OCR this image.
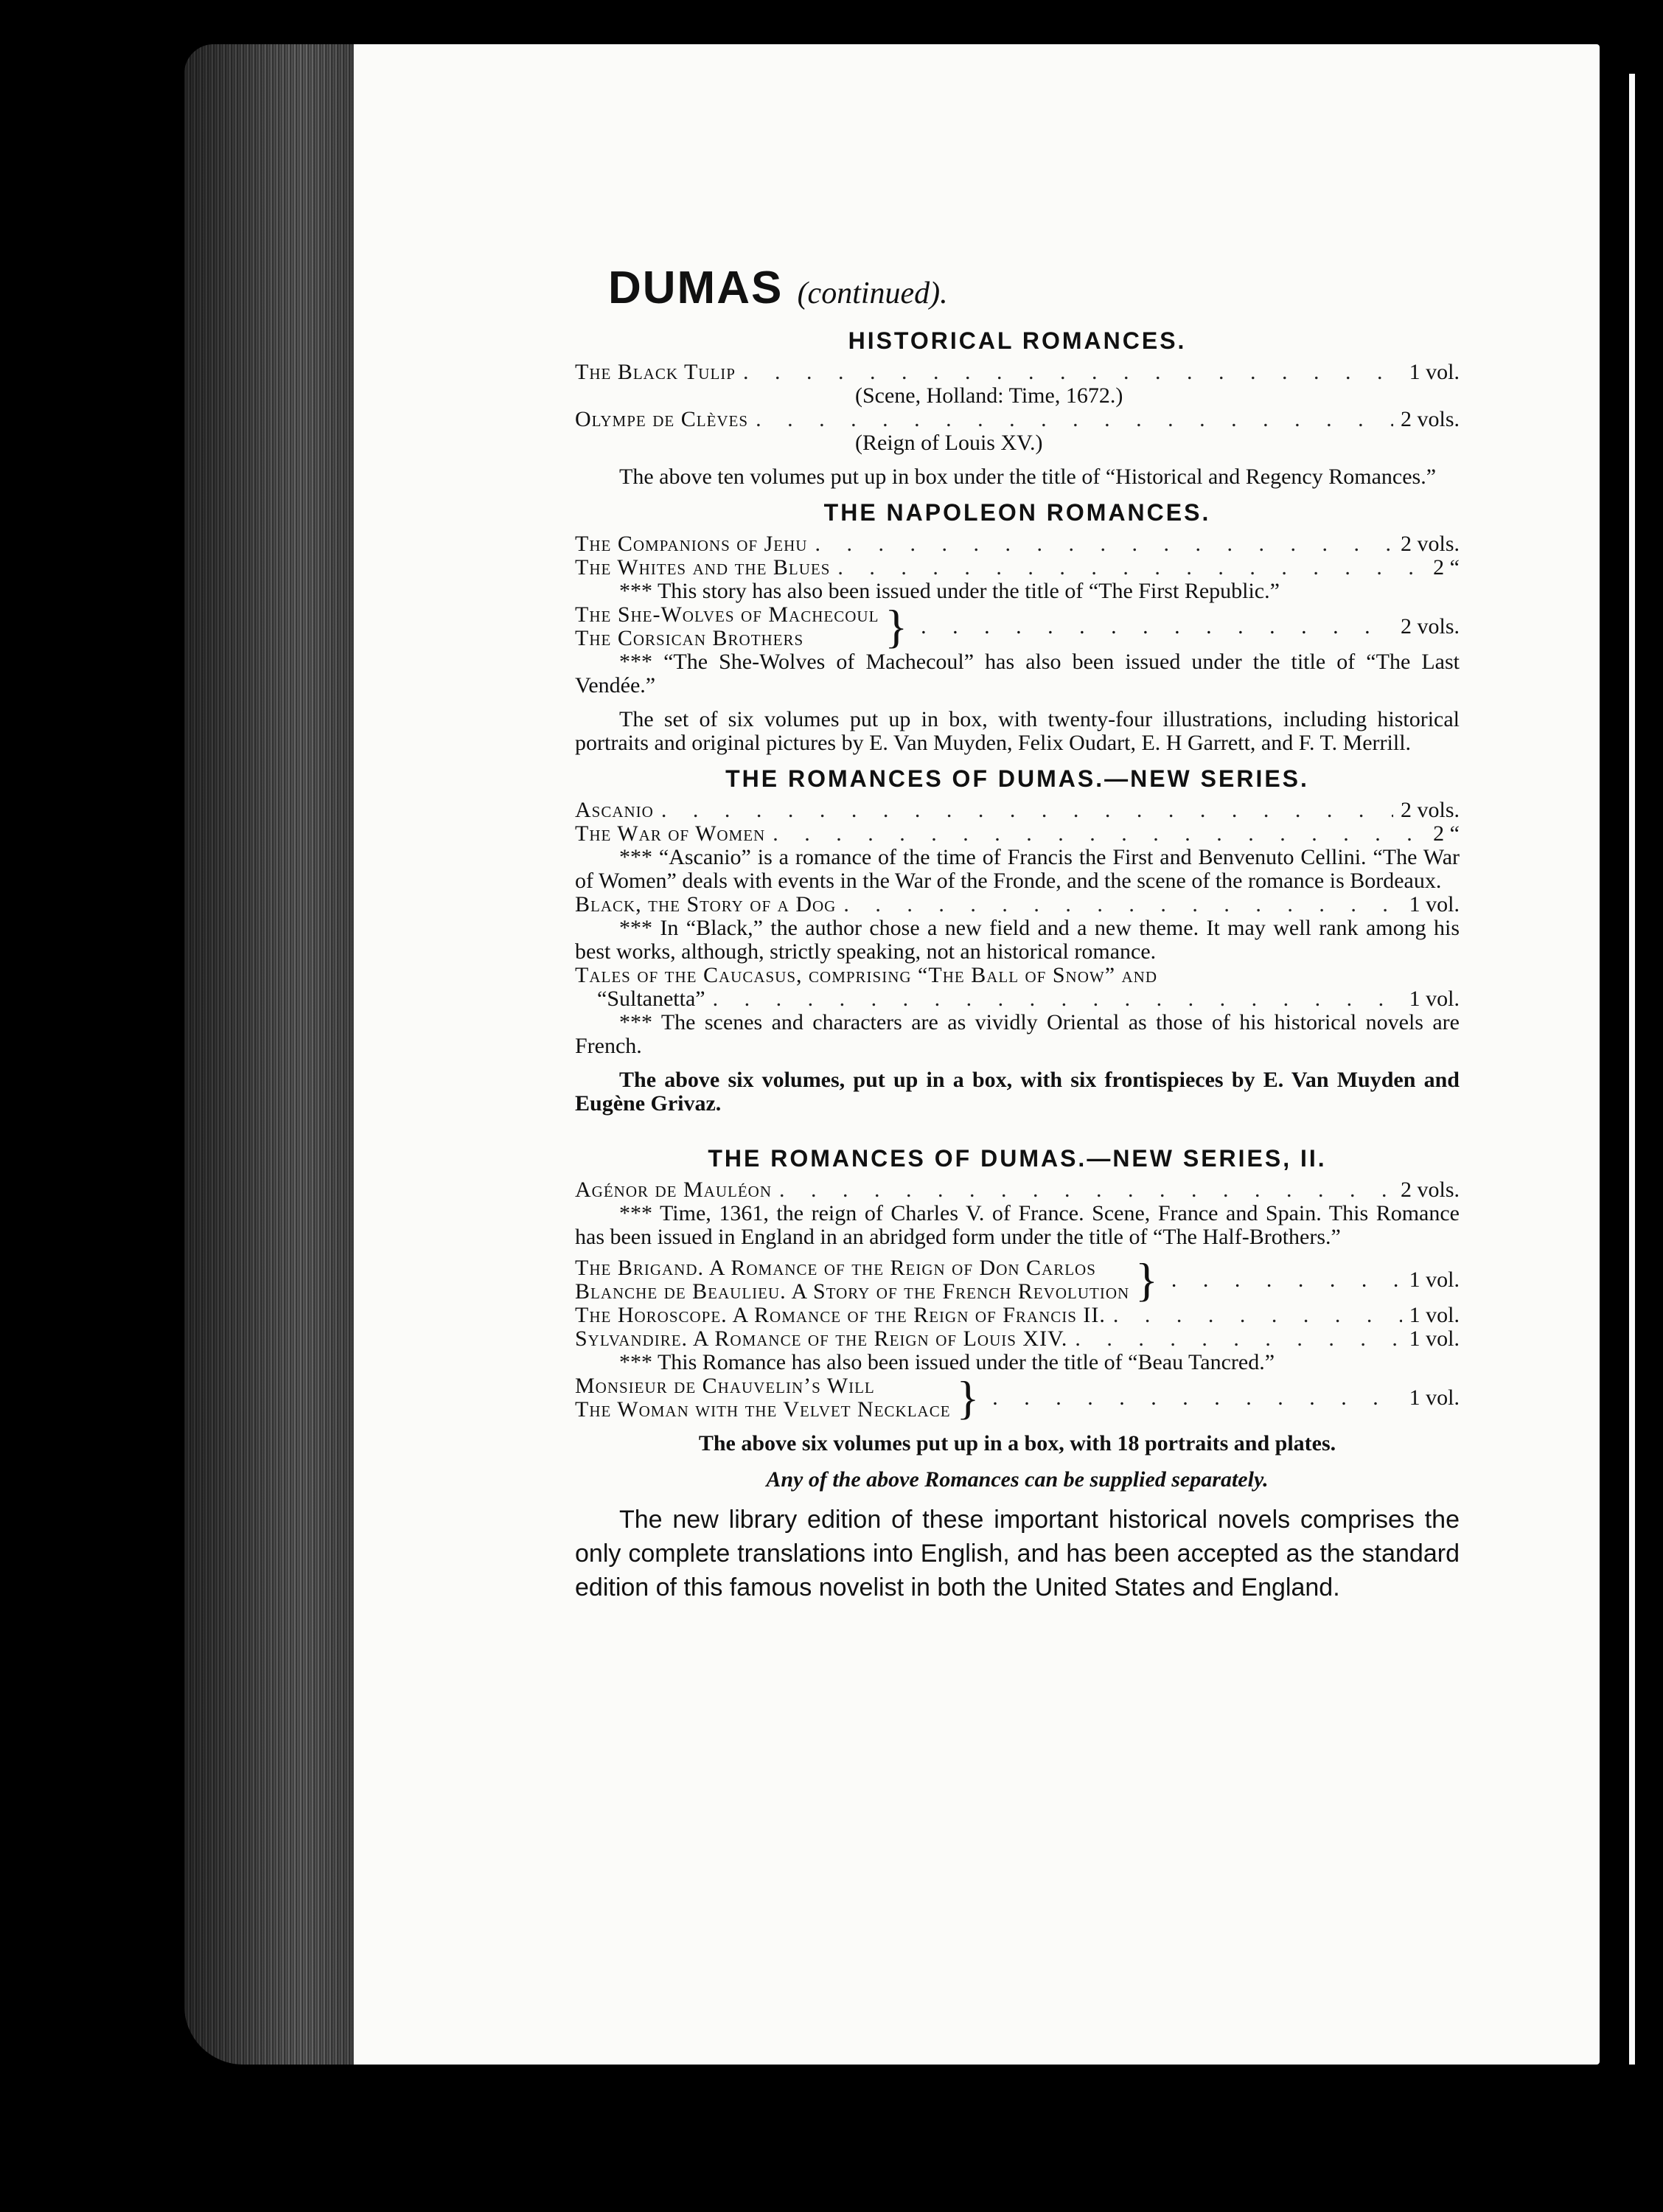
DUMAS (continued).
HISTORICAL ROMANCES.
The Black Tulip . . .	1 vol.
(Scene, Holland: Time, 1672.)
Olympe de Clèves . . .	2 vols.
(Reign of Louis XV.)
The above ten volumes put up in box under the title of “Historical and Regency Romances.”
THE NAPOLEON ROMANCES.
The Companions of Jehu . . .	2 vols.
The Whites and the Blues . . .	2 “
*** This story has also been issued under the title of “The First Republic.”
The She-Wolves of Machecoul
The Corsican Brothers	} . . .	2 vols.
*** “The She-Wolves of Machecoul” has also been issued under the title of “The Last Vendée.”
The set of six volumes put up in box, with twenty-four illustrations, including historical portraits and original pictures by E. Van Muyden, Felix Oudart, E. H Garrett, and F. T. Merrill.
THE ROMANCES OF DUMAS.—NEW SERIES.
Ascanio . . .	2 vols.
The War of Women . . .	2 “
*** “Ascanio” is a romance of the time of Francis the First and Benvenuto Cellini. “The War of Women” deals with events in the War of the Fronde, and the scene of the romance is Bordeaux.
Black, the Story of a Dog . . .	1 vol.
*** In “Black,” the author chose a new field and a new theme. It may well rank among his best works, although, strictly speaking, not an historical romance.
Tales of the Caucasus, comprising “The Ball of Snow” and
“Sultanetta” . . .	1 vol.
*** The scenes and characters are as vividly Oriental as those of his historical novels are French.
The above six volumes, put up in a box, with six frontispieces by E. Van Muyden and Eugène Grivaz.
THE ROMANCES OF DUMAS.—NEW SERIES, II.
Agénor de Mauléon . . .	2 vols.
*** Time, 1361, the reign of Charles V. of France. Scene, France and Spain. This Romance has been issued in England in an abridged form under the title of “The Half-Brothers.”
The Brigand. A Romance of the Reign of Don Carlos
Blanche de Beaulieu. A Story of the French Revolution } . . .	1 vol.
The Horoscope. A Romance of the Reign of Francis II. . . .	1 vol.
Sylvandire. A Romance of the Reign of Louis XIV. . . .	1 vol.
*** This Romance has also been issued under the title of “Beau Tancred.”
Monsieur de Chauvelin’s Will
The Woman with the Velvet Necklace } . . .	1 vol.
The above six volumes put up in a box, with 18 portraits and plates.
Any of the above Romances can be supplied separately.
The new library edition of these important historical novels comprises the only complete translations into English, and has been accepted as the standard edition of this famous novelist in both the United States and England.
